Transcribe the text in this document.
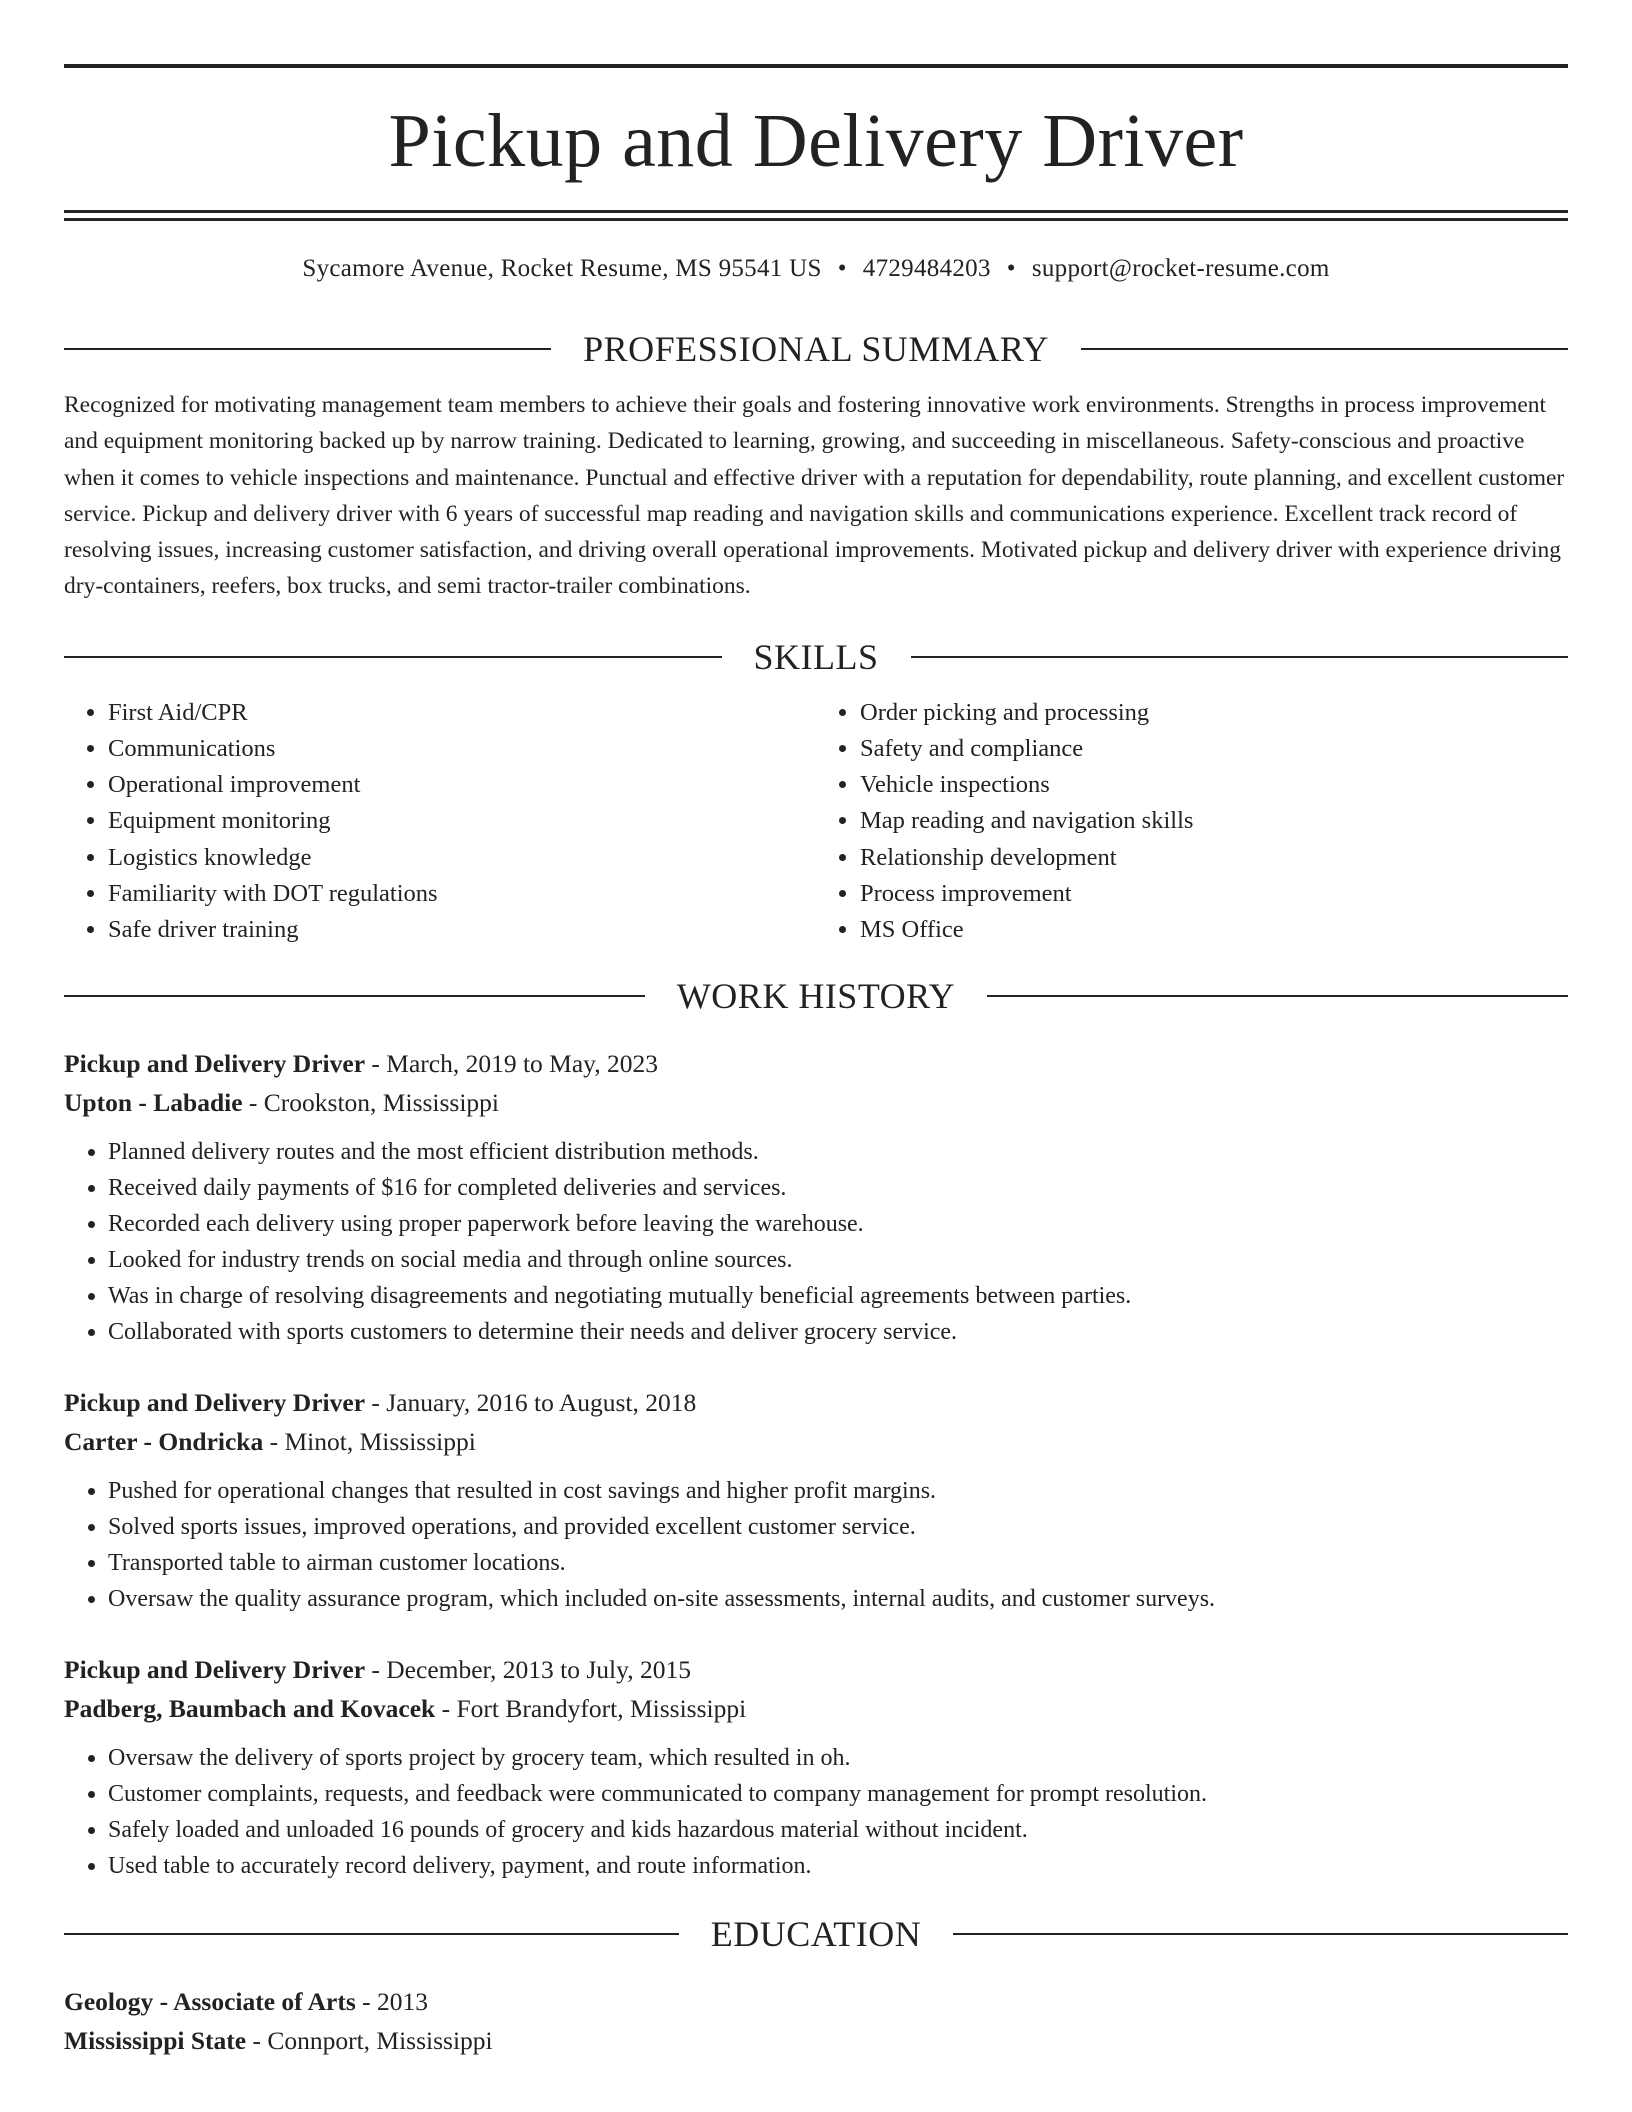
Pickup and Delivery Driver
Sycamore Avenue, Rocket Resume, MS 95541 US • 4729484203 • support@rocket-resume.com
PROFESSIONAL SUMMARY

Recognized for motivating management team members to achieve their goals and fostering innovative work environments. Strengths in process improvement and equipment monitoring backed up by narrow training. Dedicated to learning, growing, and succeeding in miscellaneous. Safety-conscious and proactive when it comes to vehicle inspections and maintenance. Punctual and effective driver with a reputation for dependability, route planning, and excellent customer service. Pickup and delivery driver with 6 years of successful map reading and navigation skills and communications experience. Excellent track record of resolving issues, increasing customer satisfaction, and driving overall operational improvements. Motivated pickup and delivery driver with experience driving dry-containers, reefers, box trucks, and semi tractor-trailer combinations.

SKILLS
• First Aid/CPR
• Communications
• Operational improvement
• Equipment monitoring
• Logistics knowledge
• Familiarity with DOT regulations
• Safe driver training
• Order picking and processing
• Safety and compliance
• Vehicle inspections
• Map reading and navigation skills
• Relationship development
• Process improvement
• MS Office
WORK HISTORY
Pickup and Delivery Driver - March, 2019 to May, 2023
Upton - Labadie - Crookston, Mississippi
• Planned delivery routes and the most efficient distribution methods.
• Received daily payments of $16 for completed deliveries and services.
• Recorded each delivery using proper paperwork before leaving the warehouse.
• Looked for industry trends on social media and through online sources.
• Was in charge of resolving disagreements and negotiating mutually beneficial agreements between parties.
• Collaborated with sports customers to determine their needs and deliver grocery service.
Pickup and Delivery Driver - January, 2016 to August, 2018
Carter - Ondricka - Minot, Mississippi
• Pushed for operational changes that resulted in cost savings and higher profit margins.
• Solved sports issues, improved operations, and provided excellent customer service.
• Transported table to airman customer locations.
• Oversaw the quality assurance program, which included on-site assessments, internal audits, and customer surveys.
Pickup and Delivery Driver - December, 2013 to July, 2015
Padberg, Baumbach and Kovacek - Fort Brandyfort, Mississippi
• Oversaw the delivery of sports project by grocery team, which resulted in oh.
• Customer complaints, requests, and feedback were communicated to company management for prompt resolution.
• Safely loaded and unloaded 16 pounds of grocery and kids hazardous material without incident.
• Used table to accurately record delivery, payment, and route information.
EDUCATION
Geology - Associate of Arts - 2013
Mississippi State - Connport, Mississippi
